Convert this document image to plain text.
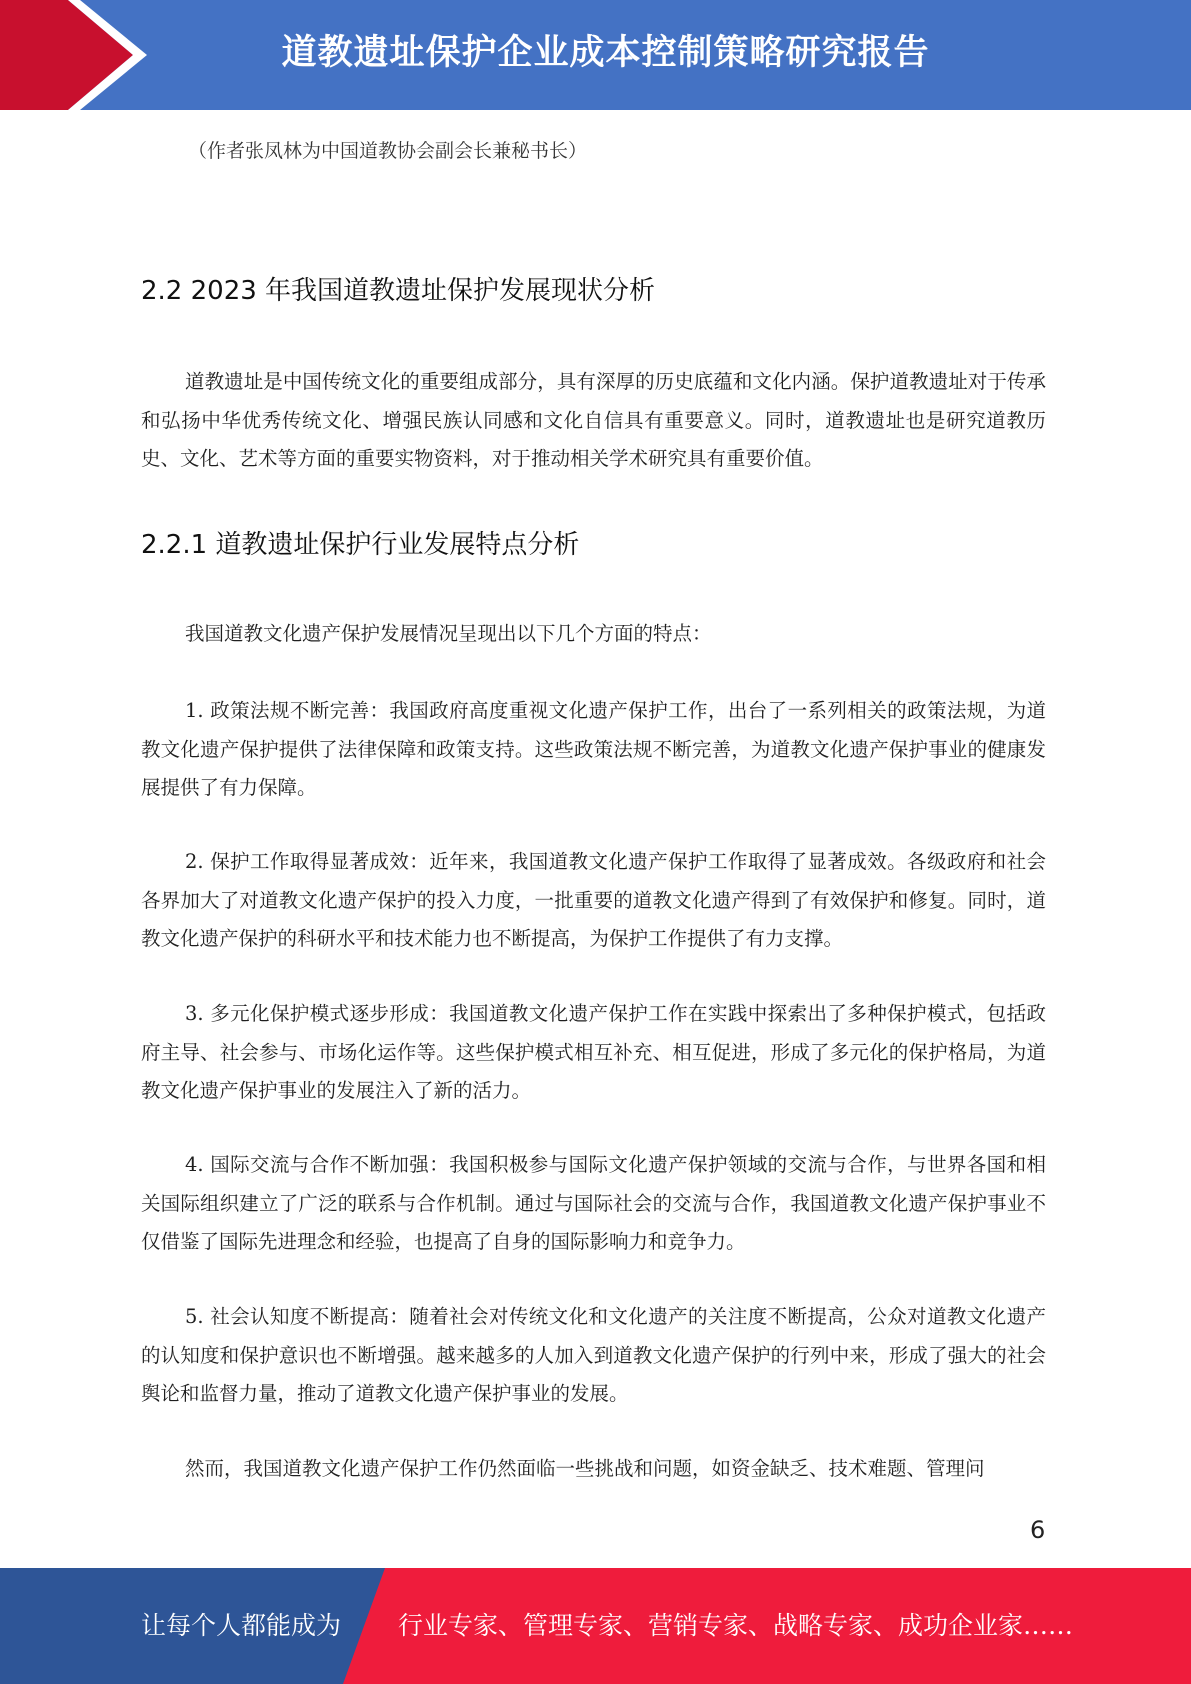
道教遗址保护企业成本控制策略研究报告
（作者张凤林为中国道教协会副会长兼秘书长）
2.2 2023 年我国道教遗址保护发展现状分析

道教遗址是中国传统文化的重要组成部分，具有深厚的历史底蕴和文化内涵。保护道教遗址对于传承和弘扬中华优秀传统文化、增强民族认同感和文化自信具有重要意义。同时，道教遗址也是研究道教历史、文化、艺术等方面的重要实物资料，对于推动相关学术研究具有重要价值。

2.2.1 道教遗址保护行业发展特点分析

我国道教文化遗产保护发展情况呈现出以下几个方面的特点：

1. 政策法规不断完善：我国政府高度重视文化遗产保护工作，出台了一系列相关的政策法规，为道教文化遗产保护提供了法律保障和政策支持。这些政策法规不断完善，为道教文化遗产保护事业的健康发展提供了有力保障。

2. 保护工作取得显著成效：近年来，我国道教文化遗产保护工作取得了显著成效。各级政府和社会各界加大了对道教文化遗产保护的投入力度，一批重要的道教文化遗产得到了有效保护和修复。同时，道教文化遗产保护的科研水平和技术能力也不断提高，为保护工作提供了有力支撑。

3. 多元化保护模式逐步形成：我国道教文化遗产保护工作在实践中探索出了多种保护模式，包括政府主导、社会参与、市场化运作等。这些保护模式相互补充、相互促进，形成了多元化的保护格局，为道教文化遗产保护事业的发展注入了新的活力。

4. 国际交流与合作不断加强：我国积极参与国际文化遗产保护领域的交流与合作，与世界各国和相关国际组织建立了广泛的联系与合作机制。通过与国际社会的交流与合作，我国道教文化遗产保护事业不仅借鉴了国际先进理念和经验，也提高了自身的国际影响力和竞争力。

5. 社会认知度不断提高：随着社会对传统文化和文化遗产的关注度不断提高，公众对道教文化遗产的认知度和保护意识也不断增强。越来越多的人加入到道教文化遗产保护的行列中来，形成了强大的社会舆论和监督力量，推动了道教文化遗产保护事业的发展。

然而，我国道教文化遗产保护工作仍然面临一些挑战和问题，如资金缺乏、技术难题、管理问

6
让每个人都能成为 行业专家、管理专家、营销专家、战略专家、成功企业家……
